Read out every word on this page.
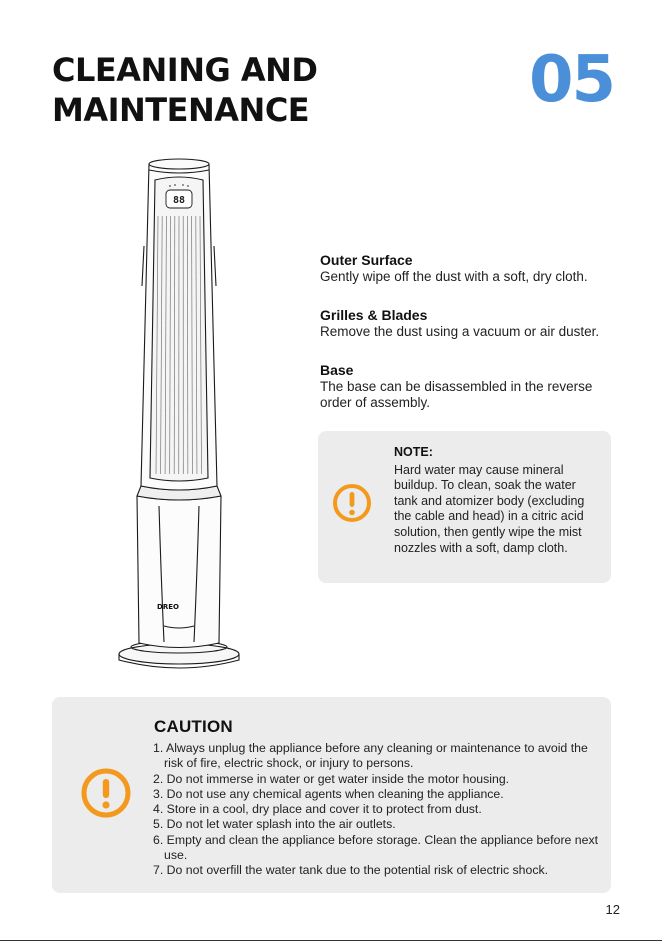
CLEANING AND
MAINTENANCE	05
88
DREO
Outer Surface
Gently wipe off the dust with a soft, dry cloth.
Grilles & Blades
Remove the dust using a vacuum or air duster.
Base
The base can be disassembled in the reverse order of assembly.
NOTE:
Hard water may cause mineral buildup. To clean, soak the water tank and atomizer body (excluding the cable and head) in a citric acid solution, then gently wipe the mist nozzles with a soft, damp cloth.
CAUTION
1. Always unplug the appliance before any cleaning or maintenance to avoid the risk of fire, electric shock, or injury to persons.
2. Do not immerse in water or get water inside the motor housing.
3. Do not use any chemical agents when cleaning the appliance.
4. Store in a cool, dry place and cover it to protect from dust.
5. Do not let water splash into the air outlets.
6. Empty and clean the appliance before storage. Clean the appliance before next use.
7. Do not overfill the water tank due to the potential risk of electric shock.
12
